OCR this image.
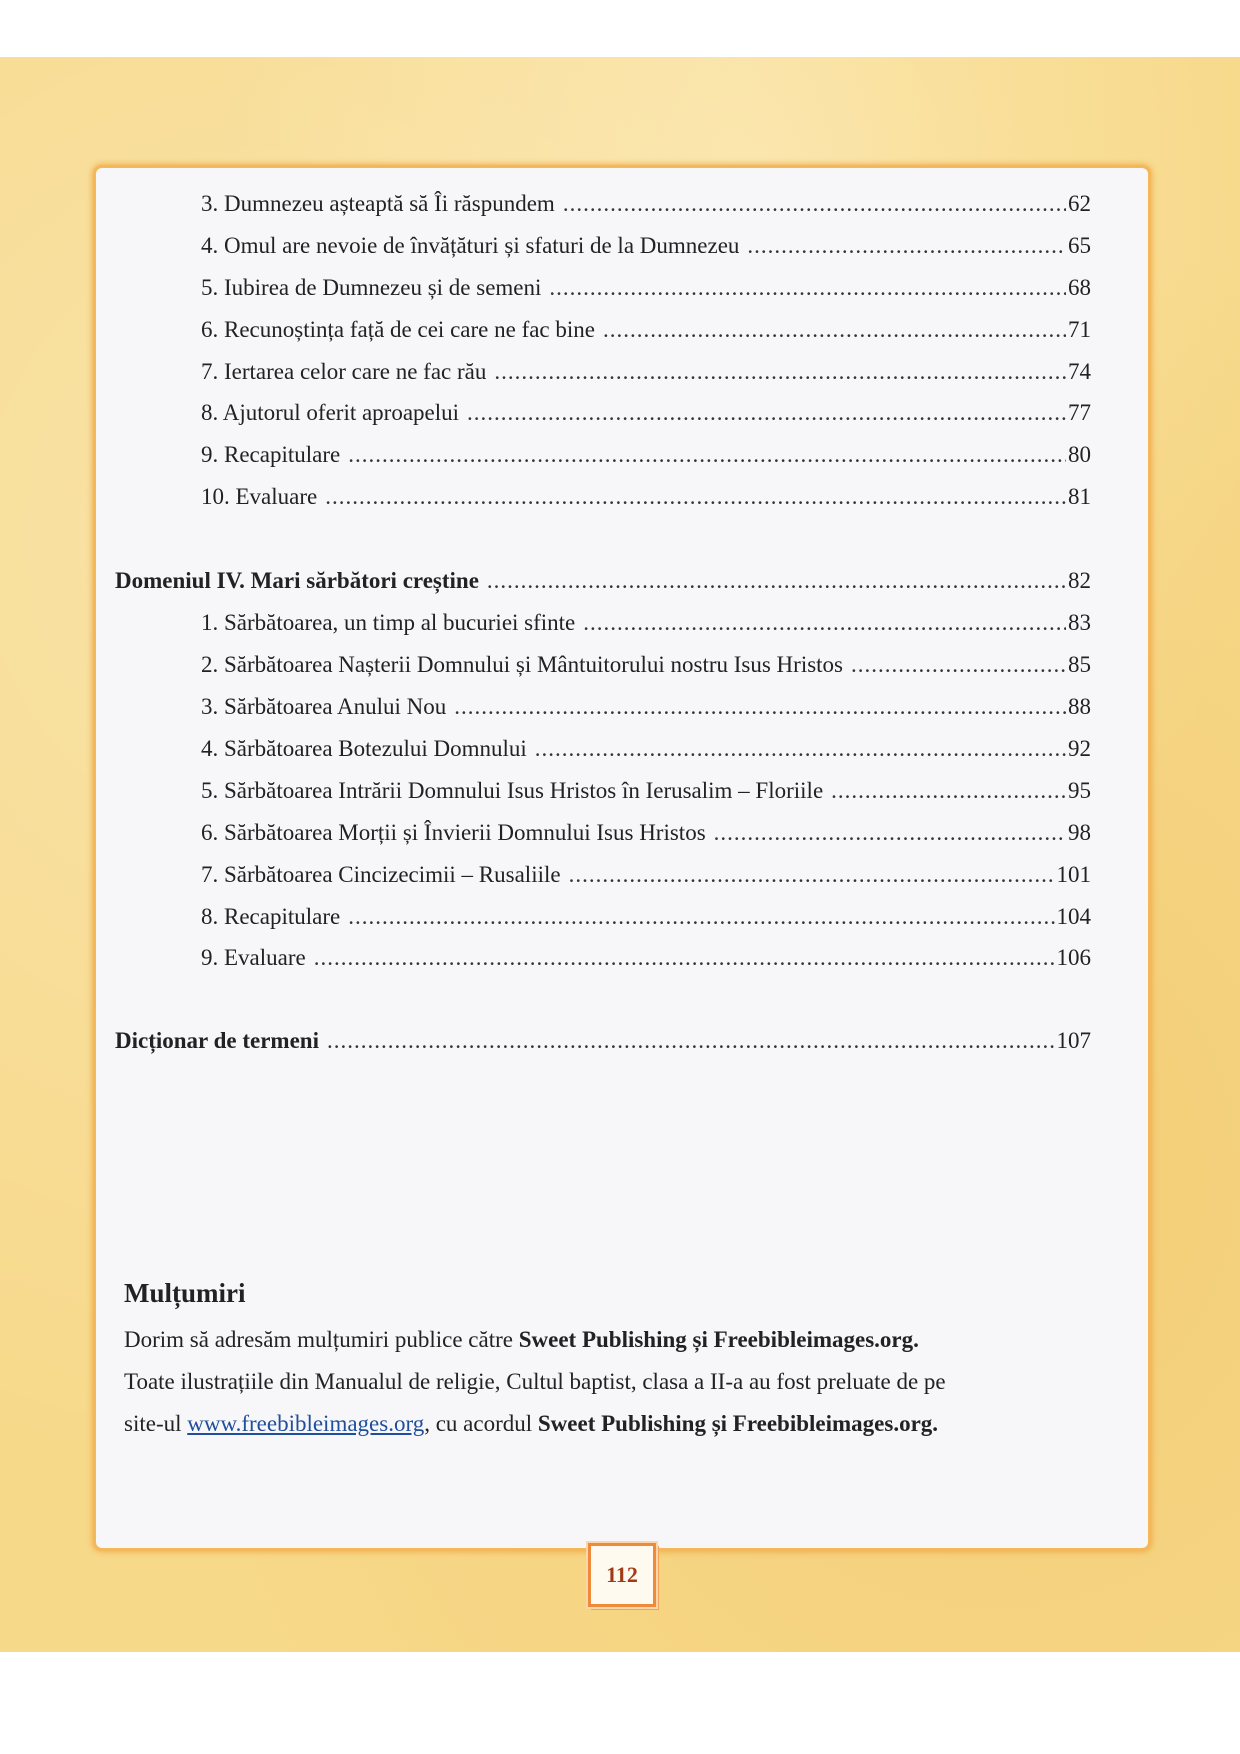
3. Dumnezeu așteaptă să Îi răspundem .....	62
4. Omul are nevoie de învățături și sfaturi de la Dumnezeu .....	65
5. Iubirea de Dumnezeu și de semeni .....	68
6. Recunoștința față de cei care ne fac bine .....	71
7. Iertarea celor care ne fac rău .....	74
8. Ajutorul oferit aproapelui .....	77
9. Recapitulare .....	80
10. Evaluare .....	81
Domeniul IV. Mari sărbători creștine .....	82
1. Sărbătoarea, un timp al bucuriei sfinte .....	83
2. Sărbătoarea Nașterii Domnului și Mântuitorului nostru Isus Hristos .....	85
3. Sărbătoarea Anului Nou .....	88
4. Sărbătoarea Botezului Domnului .....	92
5. Sărbătoarea Intrării Domnului Isus Hristos în Ierusalim – Floriile .....	95
6. Sărbătoarea Morții și Învierii Domnului Isus Hristos .....	98
7. Sărbătoarea Cincizecimii – Rusaliile .....	101
8. Recapitulare .....	104
9. Evaluare .....	106
Dicționar de termeni .....	107
Mulțumiri
Dorim să adresăm mulțumiri publice către Sweet Publishing și Freebibleimages.org.
Toate ilustrațiile din Manualul de religie, Cultul baptist, clasa a II-a au fost preluate de pe
site-ul www.freebibleimages.org, cu acordul Sweet Publishing și Freebibleimages.org.
112
